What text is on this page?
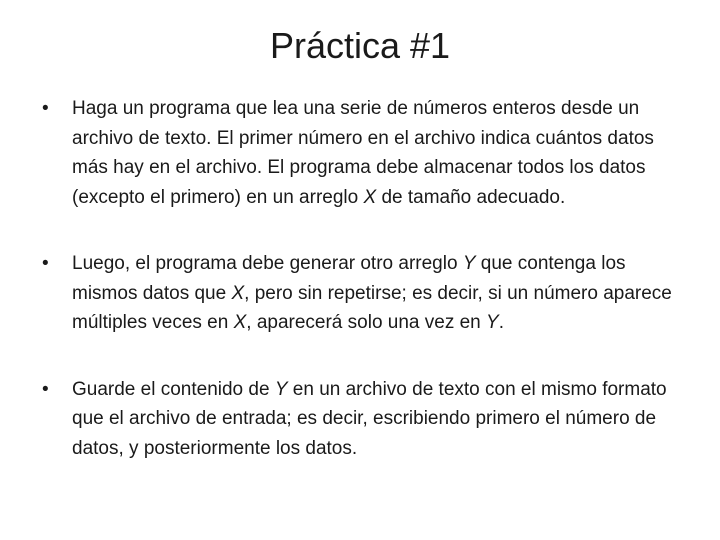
Práctica #1
• Haga un programa que lea una serie de números enteros desde un archivo de texto. El primer número en el archivo indica cuántos datos más hay en el archivo. El programa debe almacenar todos los datos (excepto el primero) en un arreglo X de tamaño adecuado.
• Luego, el programa debe generar otro arreglo Y que contenga los mismos datos que X, pero sin repetirse; es decir, si un número aparece múltiples veces en X, aparecerá solo una vez en Y.
• Guarde el contenido de Y en un archivo de texto con el mismo formato que el archivo de entrada; es decir, escribiendo primero el número de datos, y posteriormente los datos.
